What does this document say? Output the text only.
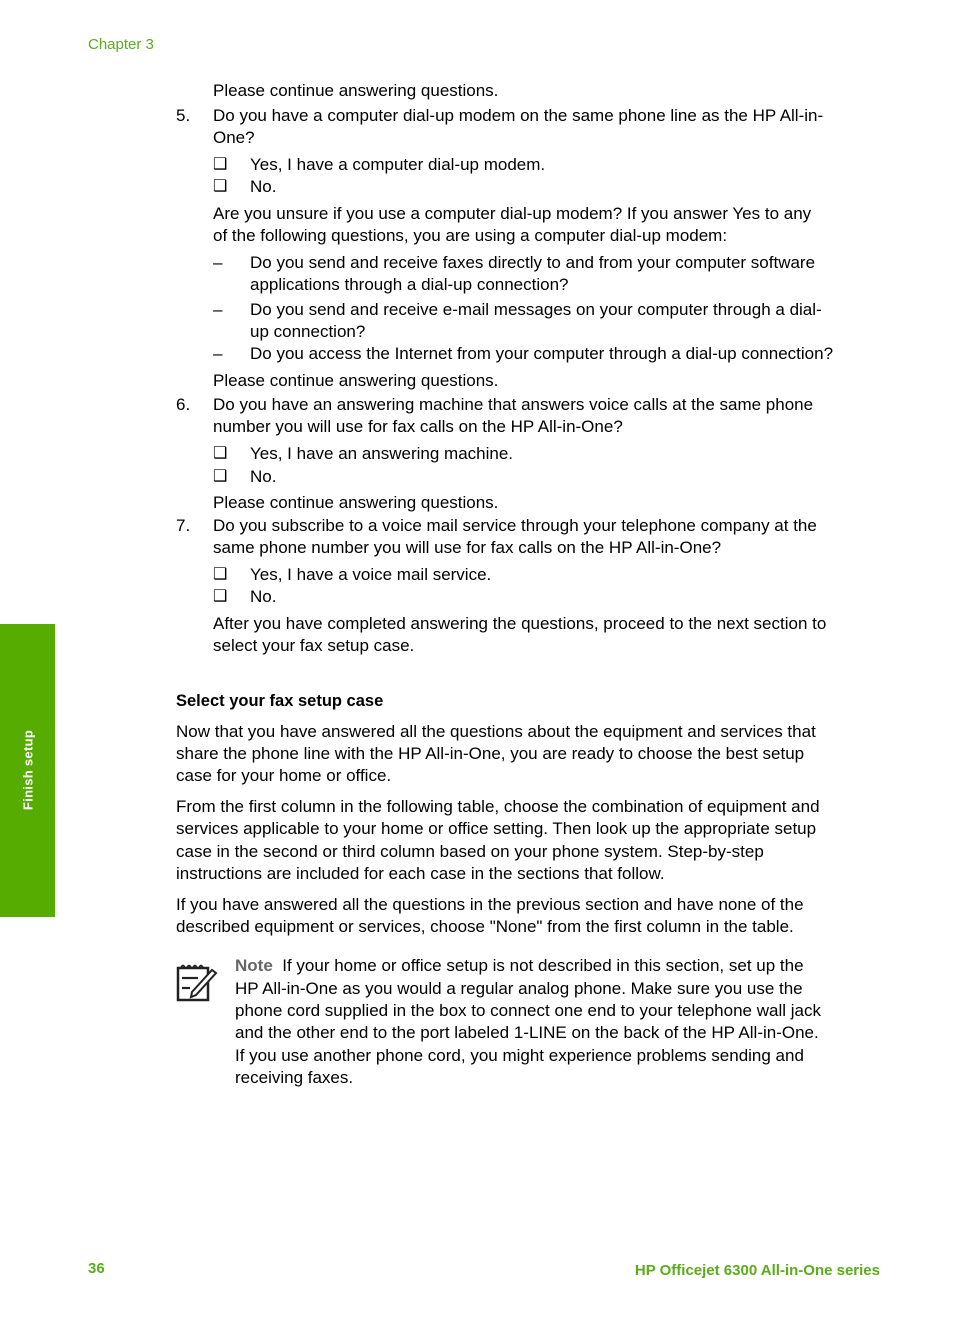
Chapter 3
Finish setup
Please continue answering questions.
5. Do you have a computer dial-up modem on the same phone line as the HP All-in-
One?
❑ Yes, I have a computer dial-up modem.
❑ No.
Are you unsure if you use a computer dial-up modem? If you answer Yes to any
of the following questions, you are using a computer dial-up modem:
– Do you send and receive faxes directly to and from your computer software
applications through a dial-up connection?
– Do you send and receive e-mail messages on your computer through a dial-
up connection?
– Do you access the Internet from your computer through a dial-up connection?
Please continue answering questions.
6. Do you have an answering machine that answers voice calls at the same phone
number you will use for fax calls on the HP All-in-One?
❑ Yes, I have an answering machine.
❑ No.
Please continue answering questions.
7. Do you subscribe to a voice mail service through your telephone company at the
same phone number you will use for fax calls on the HP All-in-One?
❑ Yes, I have a voice mail service.
❑ No.
After you have completed answering the questions, proceed to the next section to
select your fax setup case.
Select your fax setup case
Now that you have answered all the questions about the equipment and services that
share the phone line with the HP All-in-One, you are ready to choose the best setup
case for your home or office.
From the first column in the following table, choose the combination of equipment and
services applicable to your home or office setting. Then look up the appropriate setup
case in the second or third column based on your phone system. Step-by-step
instructions are included for each case in the sections that follow.
If you have answered all the questions in the previous section and have none of the
described equipment or services, choose "None" from the first column in the table.
Note If your home or office setup is not described in this section, set up the
HP All-in-One as you would a regular analog phone. Make sure you use the
phone cord supplied in the box to connect one end to your telephone wall jack
and the other end to the port labeled 1-LINE on the back of the HP All-in-One.
If you use another phone cord, you might experience problems sending and
receiving faxes.
36	HP Officejet 6300 All-in-One series
